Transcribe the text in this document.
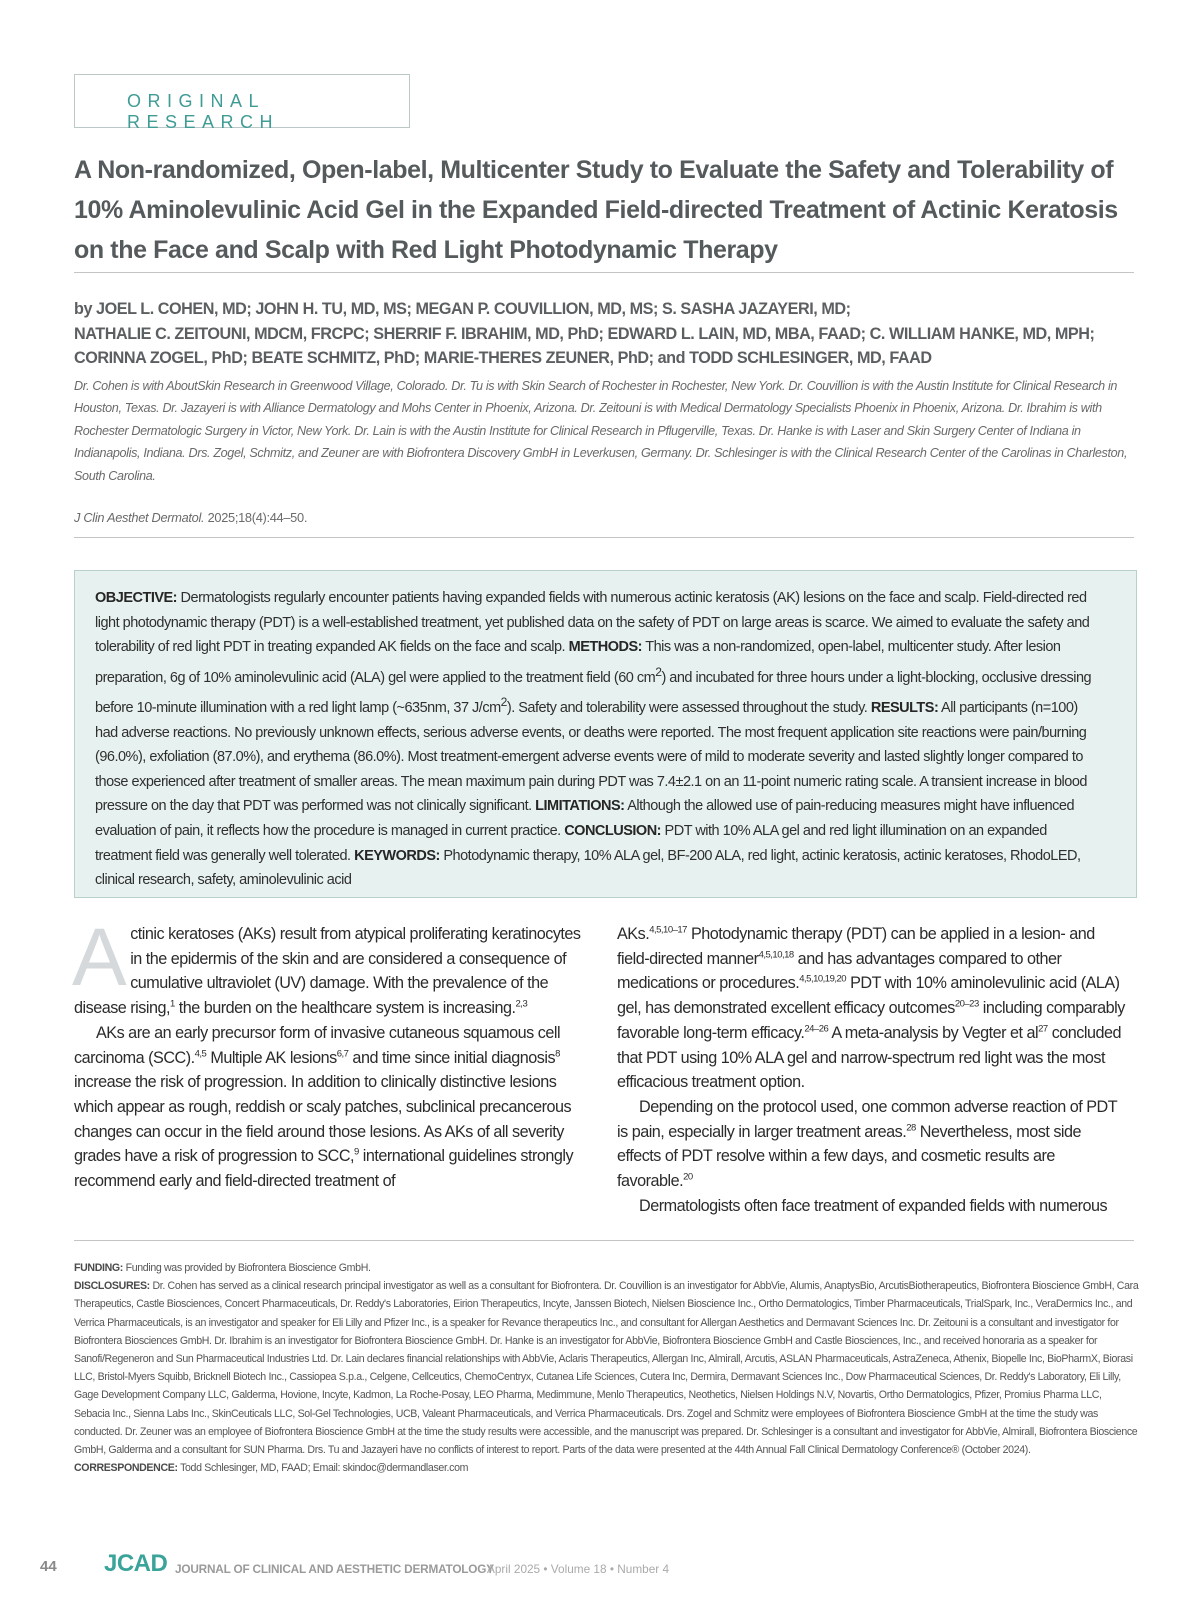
ORIGINAL RESEARCH
A Non-randomized, Open-label, Multicenter Study to Evaluate the Safety and Tolerability of 10% Aminolevulinic Acid Gel in the Expanded Field-directed Treatment of Actinic Keratosis on the Face and Scalp with Red Light Photodynamic Therapy
by JOEL L. COHEN, MD; JOHN H. TU, MD, MS; MEGAN P. COUVILLION, MD, MS; S. SASHA JAZAYERI, MD;
NATHALIE C. ZEITOUNI, MDCM, FRCPC; SHERRIF F. IBRAHIM, MD, PhD; EDWARD L. LAIN, MD, MBA, FAAD; C. WILLIAM HANKE, MD, MPH;
CORINNA ZOGEL, PhD; BEATE SCHMITZ, PhD; MARIE-THERES ZEUNER, PhD; and TODD SCHLESINGER, MD, FAAD

Dr. Cohen is with AboutSkin Research in Greenwood Village, Colorado. Dr. Tu is with Skin Search of Rochester in Rochester, New York. Dr. Couvillion is with the Austin Institute for Clinical Research in Houston, Texas. Dr. Jazayeri is with Alliance Dermatology and Mohs Center in Phoenix, Arizona. Dr. Zeitouni is with Medical Dermatology Specialists Phoenix in Phoenix, Arizona. Dr. Ibrahim is with Rochester Dermatologic Surgery in Victor, New York. Dr. Lain is with the Austin Institute for Clinical Research in Pflugerville, Texas. Dr. Hanke is with Laser and Skin Surgery Center of Indiana in Indianapolis, Indiana. Drs. Zogel, Schmitz, and Zeuner are with Biofrontera Discovery GmbH in Leverkusen, Germany. Dr. Schlesinger is with the Clinical Research Center of the Carolinas in Charleston, South Carolina.

J Clin Aesthet Dermatol. 2025;18(4):44–50.

OBJECTIVE: Dermatologists regularly encounter patients having expanded fields with numerous actinic keratosis (AK) lesions on the face and scalp. Field-directed red light photodynamic therapy (PDT) is a well-established treatment, yet published data on the safety of PDT on large areas is scarce. We aimed to evaluate the safety and tolerability of red light PDT in treating expanded AK fields on the face and scalp. METHODS: This was a non-randomized, open-label, multicenter study. After lesion preparation, 6g of 10% aminolevulinic acid (ALA) gel were applied to the treatment field (60 $cm^2$) and incubated for three hours under a light-blocking, occlusive dressing before 10-minute illumination with a red light lamp (~635nm, 37 $J/cm^2$). Safety and tolerability were assessed throughout the study. RESULTS: All participants (n=100) had adverse reactions. No previously unknown effects, serious adverse events, or deaths were reported. The most frequent application site reactions were pain/burning (96.0%), exfoliation (87.0%), and erythema (86.0%). Most treatment-emergent adverse events were of mild to moderate severity and lasted slightly longer compared to those experienced after treatment of smaller areas. The mean maximum pain during PDT was 7.4±2.1 on an 11-point numeric rating scale. A transient increase in blood pressure on the day that PDT was performed was not clinically significant. LIMITATIONS: Although the allowed use of pain-reducing measures might have influenced evaluation of pain, it reflects how the procedure is managed in current practice. CONCLUSION: PDT with 10% ALA gel and red light illumination on an expanded treatment field was generally well tolerated. KEYWORDS: Photodynamic therapy, 10% ALA gel, BF-200 ALA, red light, actinic keratosis, actinic keratoses, RhodoLED, clinical research, safety, aminolevulinic acid

Actinic keratoses (AKs) result from atypical proliferating keratinocytes in the epidermis of the skin and are considered a consequence of cumulative ultraviolet (UV) damage. With the prevalence of the disease rising,$^1$ the burden on the healthcare system is increasing.$^{2,3}$

AKs are an early precursor form of invasive cutaneous squamous cell carcinoma (SCC).$^{4,5}$ Multiple AK lesions$^{6,7}$ and time since initial diagnosis$^8$ increase the risk of progression. In addition to clinically distinctive lesions which appear as rough, reddish or scaly patches, subclinical precancerous changes can occur in the field around those lesions. As AKs of all severity grades have a risk of progression to SCC,$^9$ international guidelines strongly recommend early and field-directed treatment of

AKs.$^{4,5,10-17}$ Photodynamic therapy (PDT) can be applied in a lesion- and field-directed manner$^{4,5,10,18}$ and has advantages compared to other medications or procedures.$^{4,5,10,19,20}$ PDT with 10% aminolevulinic acid (ALA) gel, has demonstrated excellent efficacy outcomes$^{20-23}$ including comparably favorable long-term efficacy.$^{24-26}$ A meta-analysis by Vegter et $al^{27}$ concluded that PDT using 10% ALA gel and narrow-spectrum red light was the most efficacious treatment option.

Depending on the protocol used, one common adverse reaction of PDT is pain, especially in larger treatment areas.$^{28}$ Nevertheless, most side effects of PDT resolve within a few days, and cosmetic results are favorable.$^{20}$

Dermatologists often face treatment of expanded fields with numerous

FUNDING: Funding was provided by Biofrontera Bioscience GmbH.

DISCLOSURES: Dr. Cohen has served as a clinical research principal investigator as well as a consultant for Biofrontera. Dr. Couvillion is an investigator for AbbVie, Alumis, AnaptysBio, ArcutisBiotherapeutics, Biofrontera Bioscience GmbH, Cara Therapeutics, Castle Biosciences, Concert Pharmaceuticals, Dr. Reddy's Laboratories, Eirion Therapeutics, Incyte, Janssen Biotech, Nielsen Bioscience Inc., Ortho Dermatologics, Timber Pharmaceuticals, TrialSpark, Inc., VeraDermics Inc., and Verrica Pharmaceuticals, is an investigator and speaker for Eli Lilly and Pfizer Inc., is a speaker for Revance therapeutics Inc., and consultant for Allergan Aesthetics and Dermavant Sciences Inc. Dr. Zeitouni is a consultant and investigator for Biofrontera Biosciences GmbH. Dr. Ibrahim is an investigator for Biofrontera Bioscience GmbH. Dr. Hanke is an investigator for AbbVie, Biofrontera Bioscience GmbH and Castle Biosciences, Inc., and received honoraria as a speaker for Sanofi/Regeneron and Sun Pharmaceutical Industries Ltd. Dr. Lain declares financial relationships with AbbVie, Aclaris Therapeutics, Allergan Inc, Almirall, Arcutis, ASLAN Pharmaceuticals, AstraZeneca, Athenix, Biopelle Inc, BioPharmX, Biorasi LLC, Bristol-Myers Squibb, Bricknell Biotech Inc., Cassiopea S.p.a., Celgene, Cellceutics, ChemoCentryx, Cutanea Life Sciences, Cutera Inc, Dermira, Dermavant Sciences Inc., Dow Pharmaceutical Sciences, Dr. Reddy's Laboratory, Eli Lilly, Gage Development Company LLC, Galderma, Hovione, Incyte, Kadmon, La Roche-Posay, LEO Pharma, Medimmune, Menlo Therapeutics, Neothetics, Nielsen Holdings N.V, Novartis, Ortho Dermatologics, Pfizer, Promius Pharma LLC, Sebacia Inc., Sienna Labs Inc., SkinCeuticals LLC, Sol-Gel Technologies, UCB, Valeant Pharmaceuticals, and Verrica Pharmaceuticals. Drs. Zogel and Schmitz were employees of Biofrontera Bioscience GmbH at the time the study was conducted. Dr. Zeuner was an employee of Biofrontera Bioscience GmbH at the time the study results were accessible, and the manuscript was prepared. Dr. Schlesinger is a consultant and investigator for AbbVie, Almirall, Biofrontera Bioscience GmbH, Galderma and a consultant for SUN Pharma. Drs. Tu and Jazayeri have no conflicts of interest to report. Parts of the data were presented at the 44th Annual Fall Clinical Dermatology Conference® (October 2024).

CORRESPONDENCE: Todd Schlesinger, MD, FAAD; Email: skindoc@dermandlaser.com

44 JCAD JOURNAL OF CLINICAL AND AESTHETIC DERMATOLOGY
April 2025 • Volume 18 • Number 4
